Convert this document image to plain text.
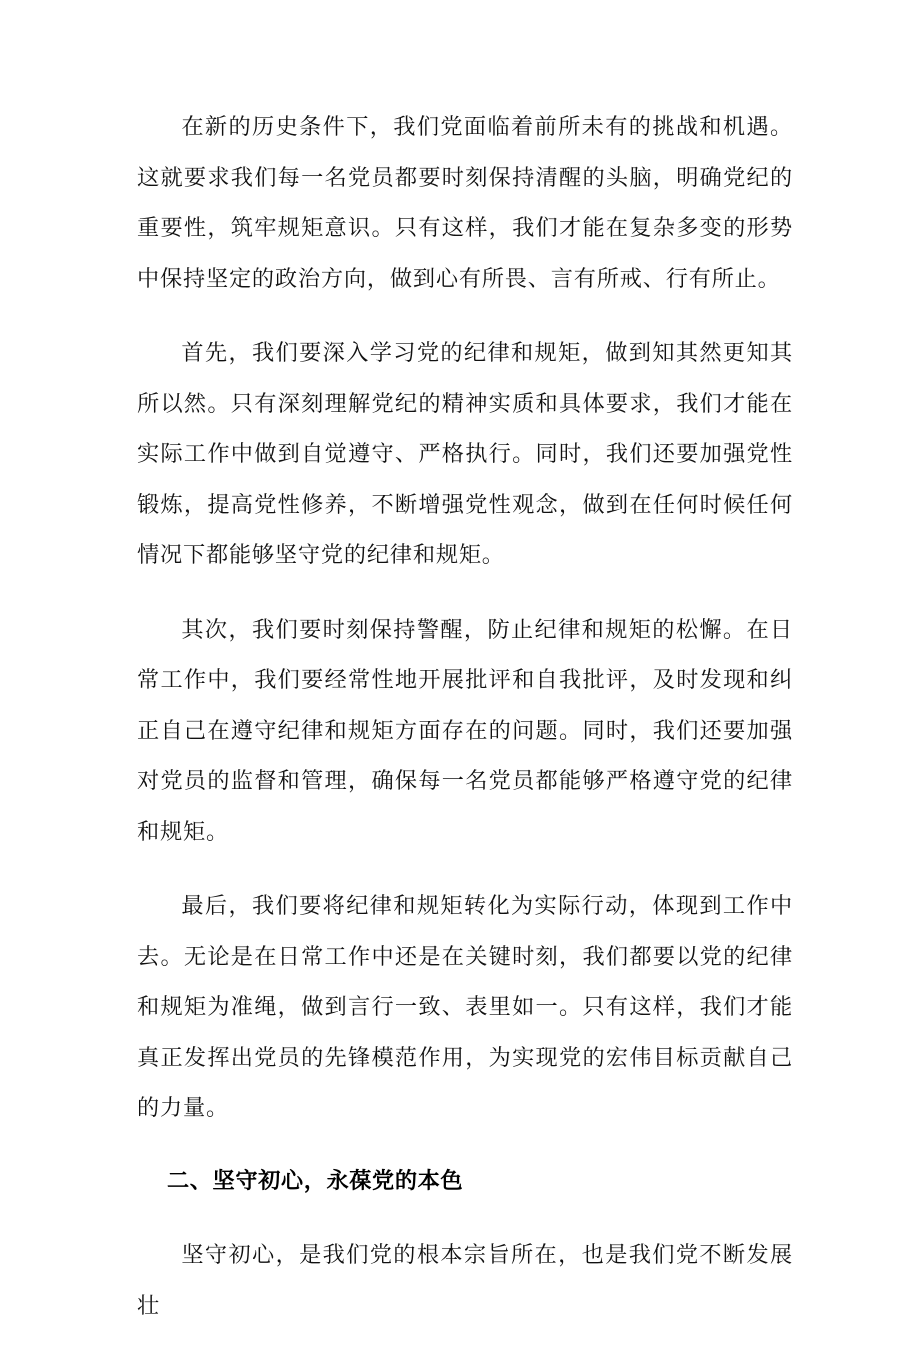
在新的历史条件下，我们党面临着前所未有的挑战和机遇。这就要求我们每一名党员都要时刻保持清醒的头脑，明确党纪的重要性，筑牢规矩意识。只有这样，我们才能在复杂多变的形势中保持坚定的政治方向，做到心有所畏、言有所戒、行有所止。

首先，我们要深入学习党的纪律和规矩，做到知其然更知其所以然。只有深刻理解党纪的精神实质和具体要求，我们才能在实际工作中做到自觉遵守、严格执行。同时，我们还要加强党性锻炼，提高党性修养，不断增强党性观念，做到在任何时候任何情况下都能够坚守党的纪律和规矩。

其次，我们要时刻保持警醒，防止纪律和规矩的松懈。在日常工作中，我们要经常性地开展批评和自我批评，及时发现和纠正自己在遵守纪律和规矩方面存在的问题。同时，我们还要加强对党员的监督和管理，确保每一名党员都能够严格遵守党的纪律和规矩。

最后，我们要将纪律和规矩转化为实际行动，体现到工作中去。无论是在日常工作中还是在关键时刻，我们都要以党的纪律和规矩为准绳，做到言行一致、表里如一。只有这样，我们才能真正发挥出党员的先锋模范作用，为实现党的宏伟目标贡献自己的力量。

二、坚守初心，永葆党的本色

坚守初心，是我们党的根本宗旨所在，也是我们党不断发展壮
